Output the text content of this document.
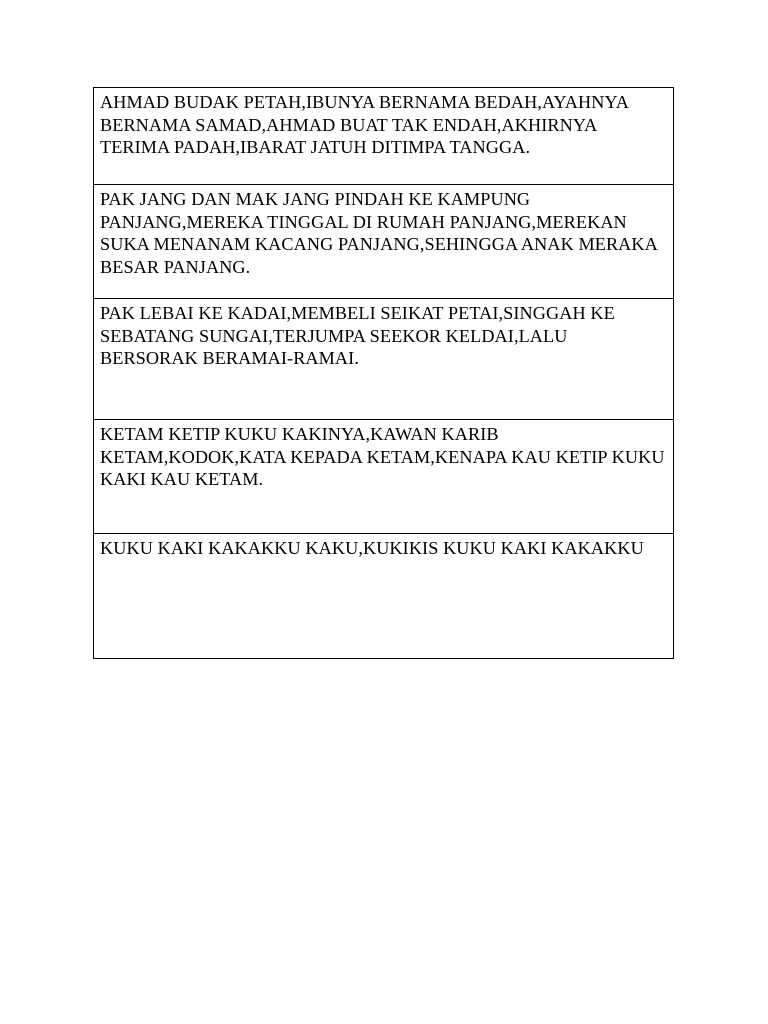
AHMAD BUDAK PETAH,IBUNYA BERNAMA BEDAH,AYAHNYA BERNAMA SAMAD,AHMAD BUAT TAK ENDAH,AKHIRNYA TERIMA PADAH,IBARAT JATUH DITIMPA TANGGA.
PAK JANG DAN MAK JANG PINDAH KE KAMPUNG PANJANG,MEREKA TINGGAL DI RUMAH PANJANG,MEREKAN SUKA MENANAM KACANG PANJANG,SEHINGGA ANAK MERAKA BESAR PANJANG.
PAK LEBAI KE KADAI,MEMBELI SEIKAT PETAI,SINGGAH KE SEBATANG SUNGAI,TERJUMPA SEEKOR KELDAI,LALU BERSORAK BERAMAI-RAMAI.
KETAM KETIP KUKU KAKINYA,KAWAN KARIB KETAM,KODOK,KATA KEPADA KETAM,KENAPA KAU KETIP KUKU KAKI KAU KETAM.
KUKU KAKI KAKAKKU KAKU,KUKIKIS KUKU KAKI KAKAKKU
